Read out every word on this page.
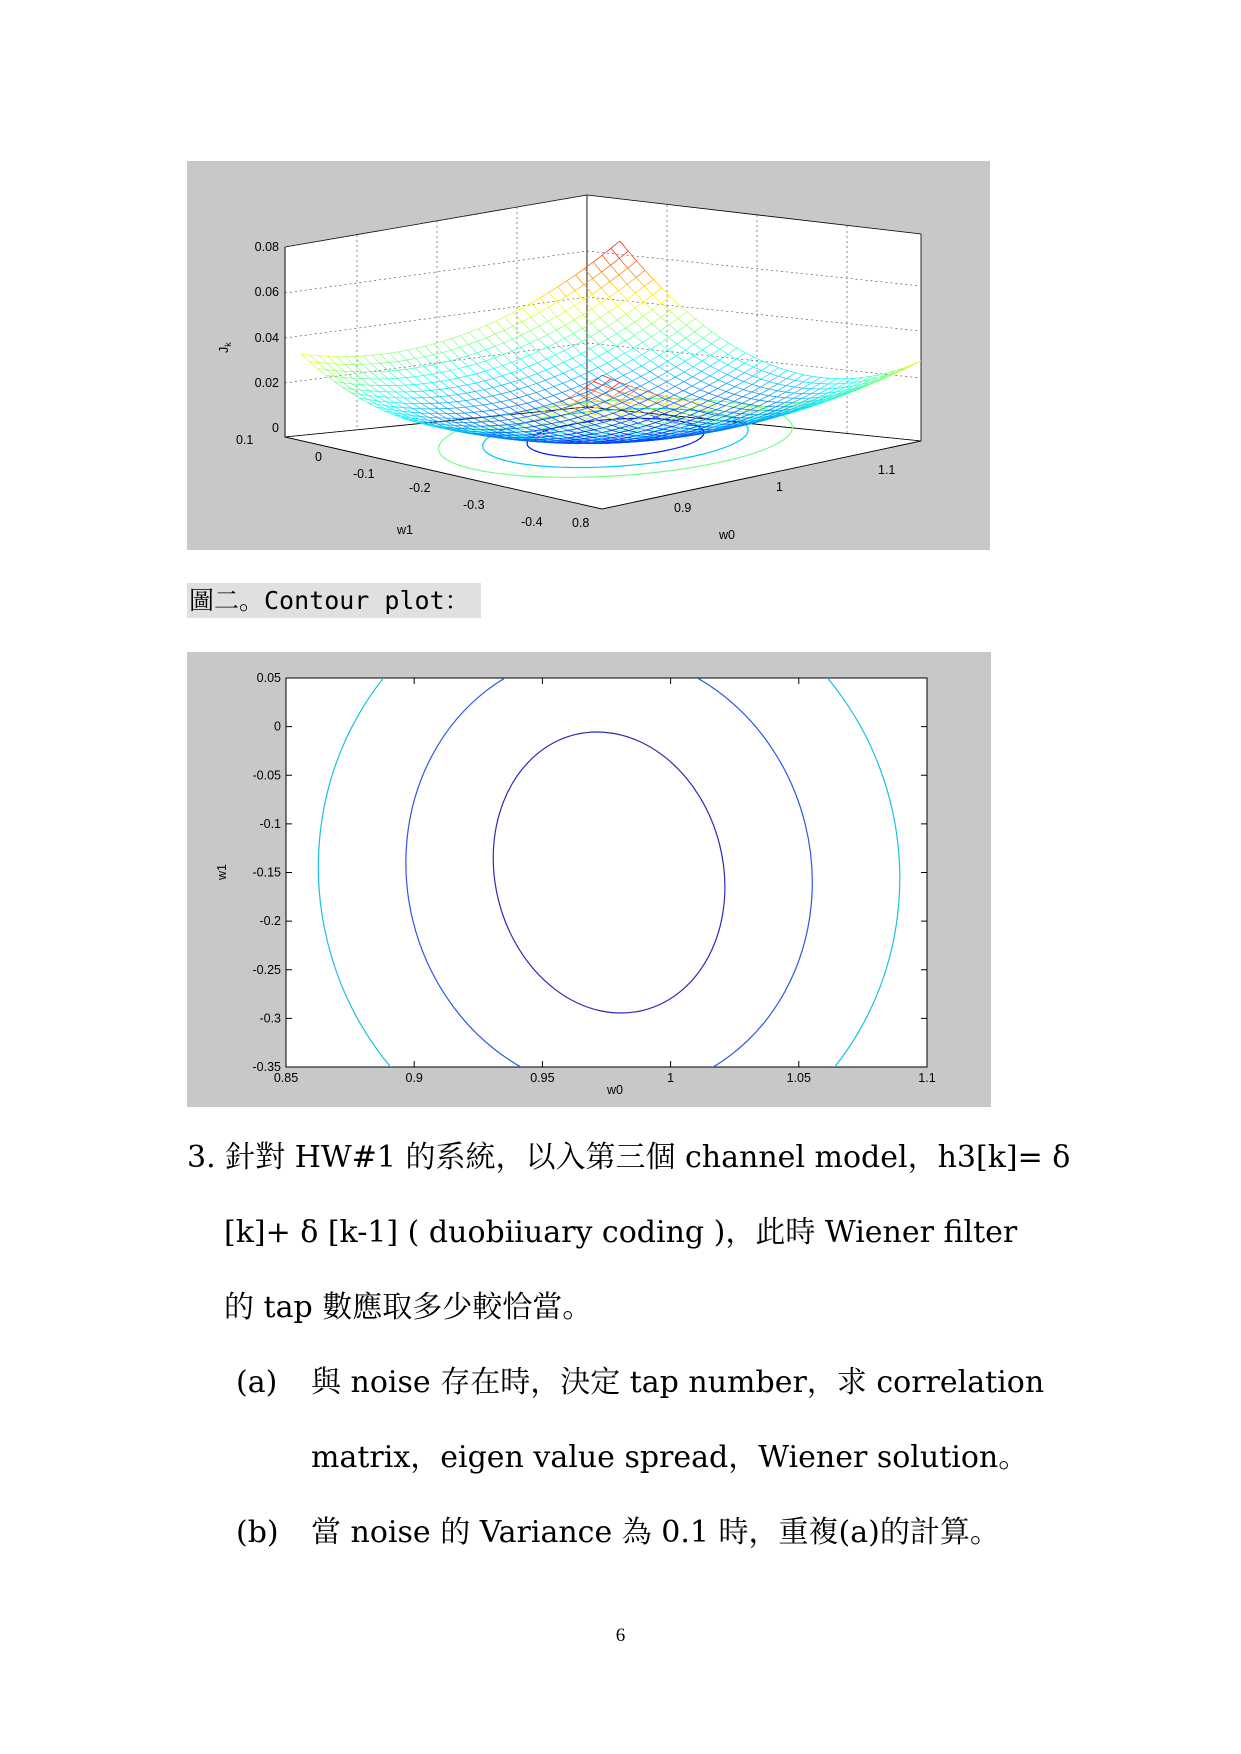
0.08
0.06
0.04
0.02
0
$J_k$
0.1
0
-0.1
-0.2
-0.3
-0.4
w1	0.8
0.9
1
1.1
w0
圖二。Contour plot：
0.85	0.9	0.95	1	1.05	1.1
0.05
0
-0.05
-0.1
-0.15
-0.2
-0.25
-0.3
-0.35
w0
w1
3. 針對 HW#1 的系統，以入第三個 channel model，h3[k]= δ
[k]+ δ [k-1] ( duobiiuary coding )，此時 Wiener filter
的 tap 數應取多少較恰當。
(a) 與 noise 存在時，決定 tap number，求 correlation
matrix，eigen value spread，Wiener solution。
(b) 當 noise 的 Variance 為 0.1 時，重複(a)的計算。
6
